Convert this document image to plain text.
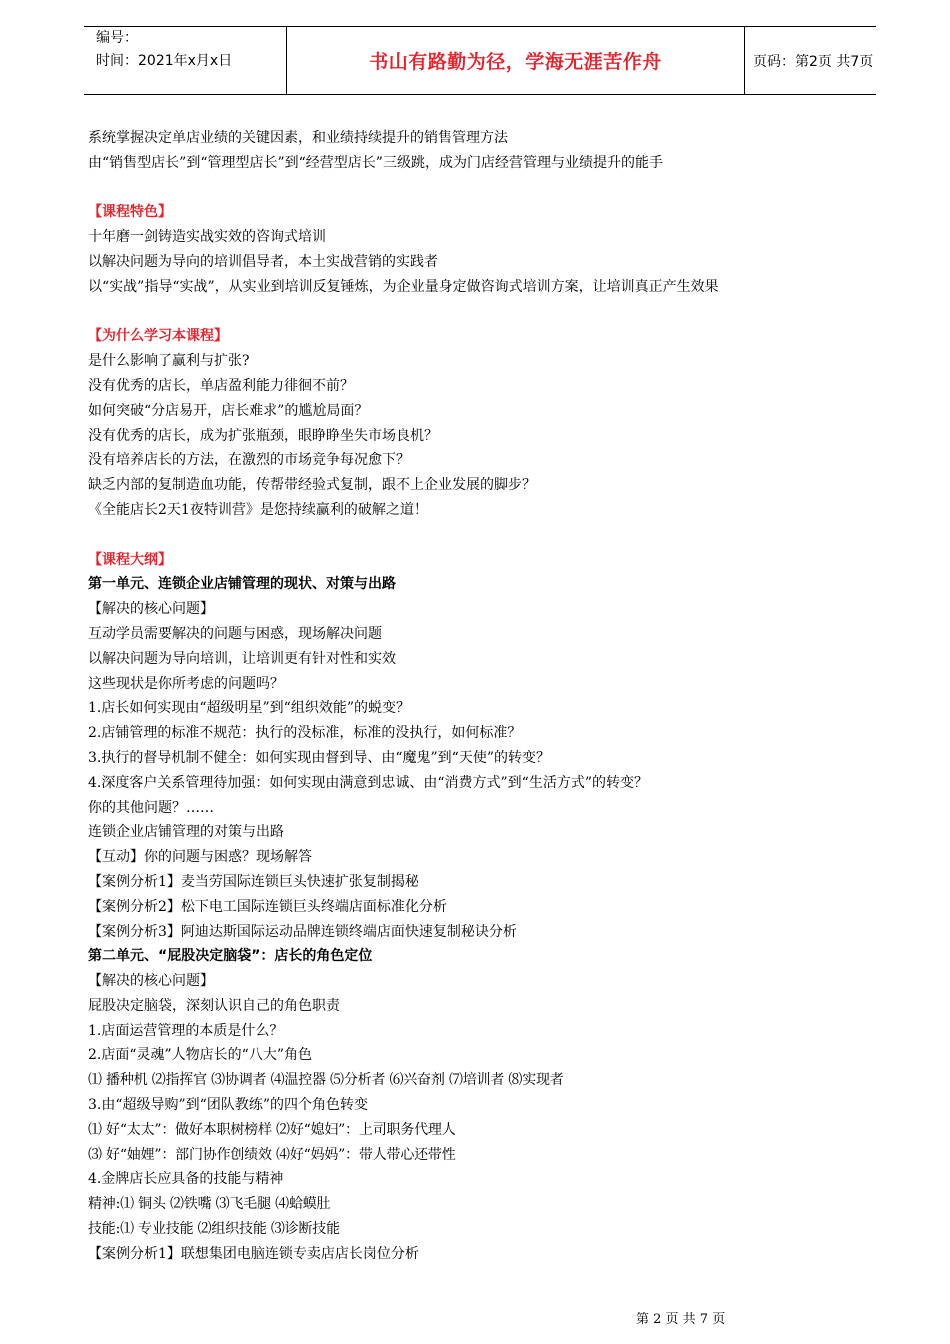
编号：
时间：2021年x月x日	书山有路勤为径，学海无涯苦作舟	页码：第2页 共7页
系统掌握决定单店业绩的关键因素，和业绩持续提升的销售管理方法
由“销售型店长”到“管理型店长”到“经营型店长”三级跳，成为门店经营管理与业绩提升的能手
【课程特色】
十年磨一剑铸造实战实效的咨询式培训
以解决问题为导向的培训倡导者，本土实战营销的实践者
以“实战”指导“实战”，从实业到培训反复锤炼，为企业量身定做咨询式培训方案，让培训真正产生效果
【为什么学习本课程】
是什么影响了赢利与扩张?
没有优秀的店长，单店盈利能力徘徊不前？
如何突破“分店易开，店长难求”的尴尬局面？
没有优秀的店长，成为扩张瓶颈，眼睁睁坐失市场良机？
没有培养店长的方法，在激烈的市场竞争每况愈下？
缺乏内部的复制造血功能，传帮带经验式复制，跟不上企业发展的脚步？
《全能店长2天1夜特训营》是您持续赢利的破解之道！
【课程大纲】
第一单元、连锁企业店铺管理的现状、对策与出路
【解决的核心问题】
互动学员需要解决的问题与困惑，现场解决问题
以解决问题为导向培训，让培训更有针对性和实效
这些现状是你所考虑的问题吗？
1.店长如何实现由“超级明星”到“组织效能”的蜕变？
2.店铺管理的标准不规范：执行的没标准，标准的没执行，如何标准？
3.执行的督导机制不健全：如何实现由督到导、由“魔鬼”到“天使”的转变？
4.深度客户关系管理待加强：如何实现由满意到忠诚、由“消费方式”到“生活方式”的转变？
你的其他问题？……
连锁企业店铺管理的对策与出路
【互动】你的问题与困惑？现场解答
【案例分析1】麦当劳国际连锁巨头快速扩张复制揭秘
【案例分析2】松下电工国际连锁巨头终端店面标准化分析
【案例分析3】阿迪达斯国际运动品牌连锁终端店面快速复制秘诀分析
第二单元、“屁股决定脑袋”：店长的角色定位
【解决的核心问题】
屁股决定脑袋，深刻认识自己的角色职责
1.店面运营管理的本质是什么？
2.店面“灵魂”人物店长的“八大”角色
⑴ 播种机 ⑵指挥官 ⑶协调者 ⑷温控器 ⑸分析者 ⑹兴奋剂 ⑺培训者 ⑻实现者
3.由“超级导购”到“团队教练”的四个角色转变
⑴ 好“太太”：做好本职树榜样 ⑵好“媳妇”：上司职务代理人
⑶ 好“妯娌”：部门协作创绩效 ⑷好“妈妈”：带人带心还带性
4.金牌店长应具备的技能与精神
精神:⑴ 铜头 ⑵铁嘴 ⑶飞毛腿 ⑷蛤蟆肚
技能:⑴ 专业技能 ⑵组织技能 ⑶诊断技能
【案例分析1】联想集团电脑连锁专卖店店长岗位分析
第 2 页 共 7 页
